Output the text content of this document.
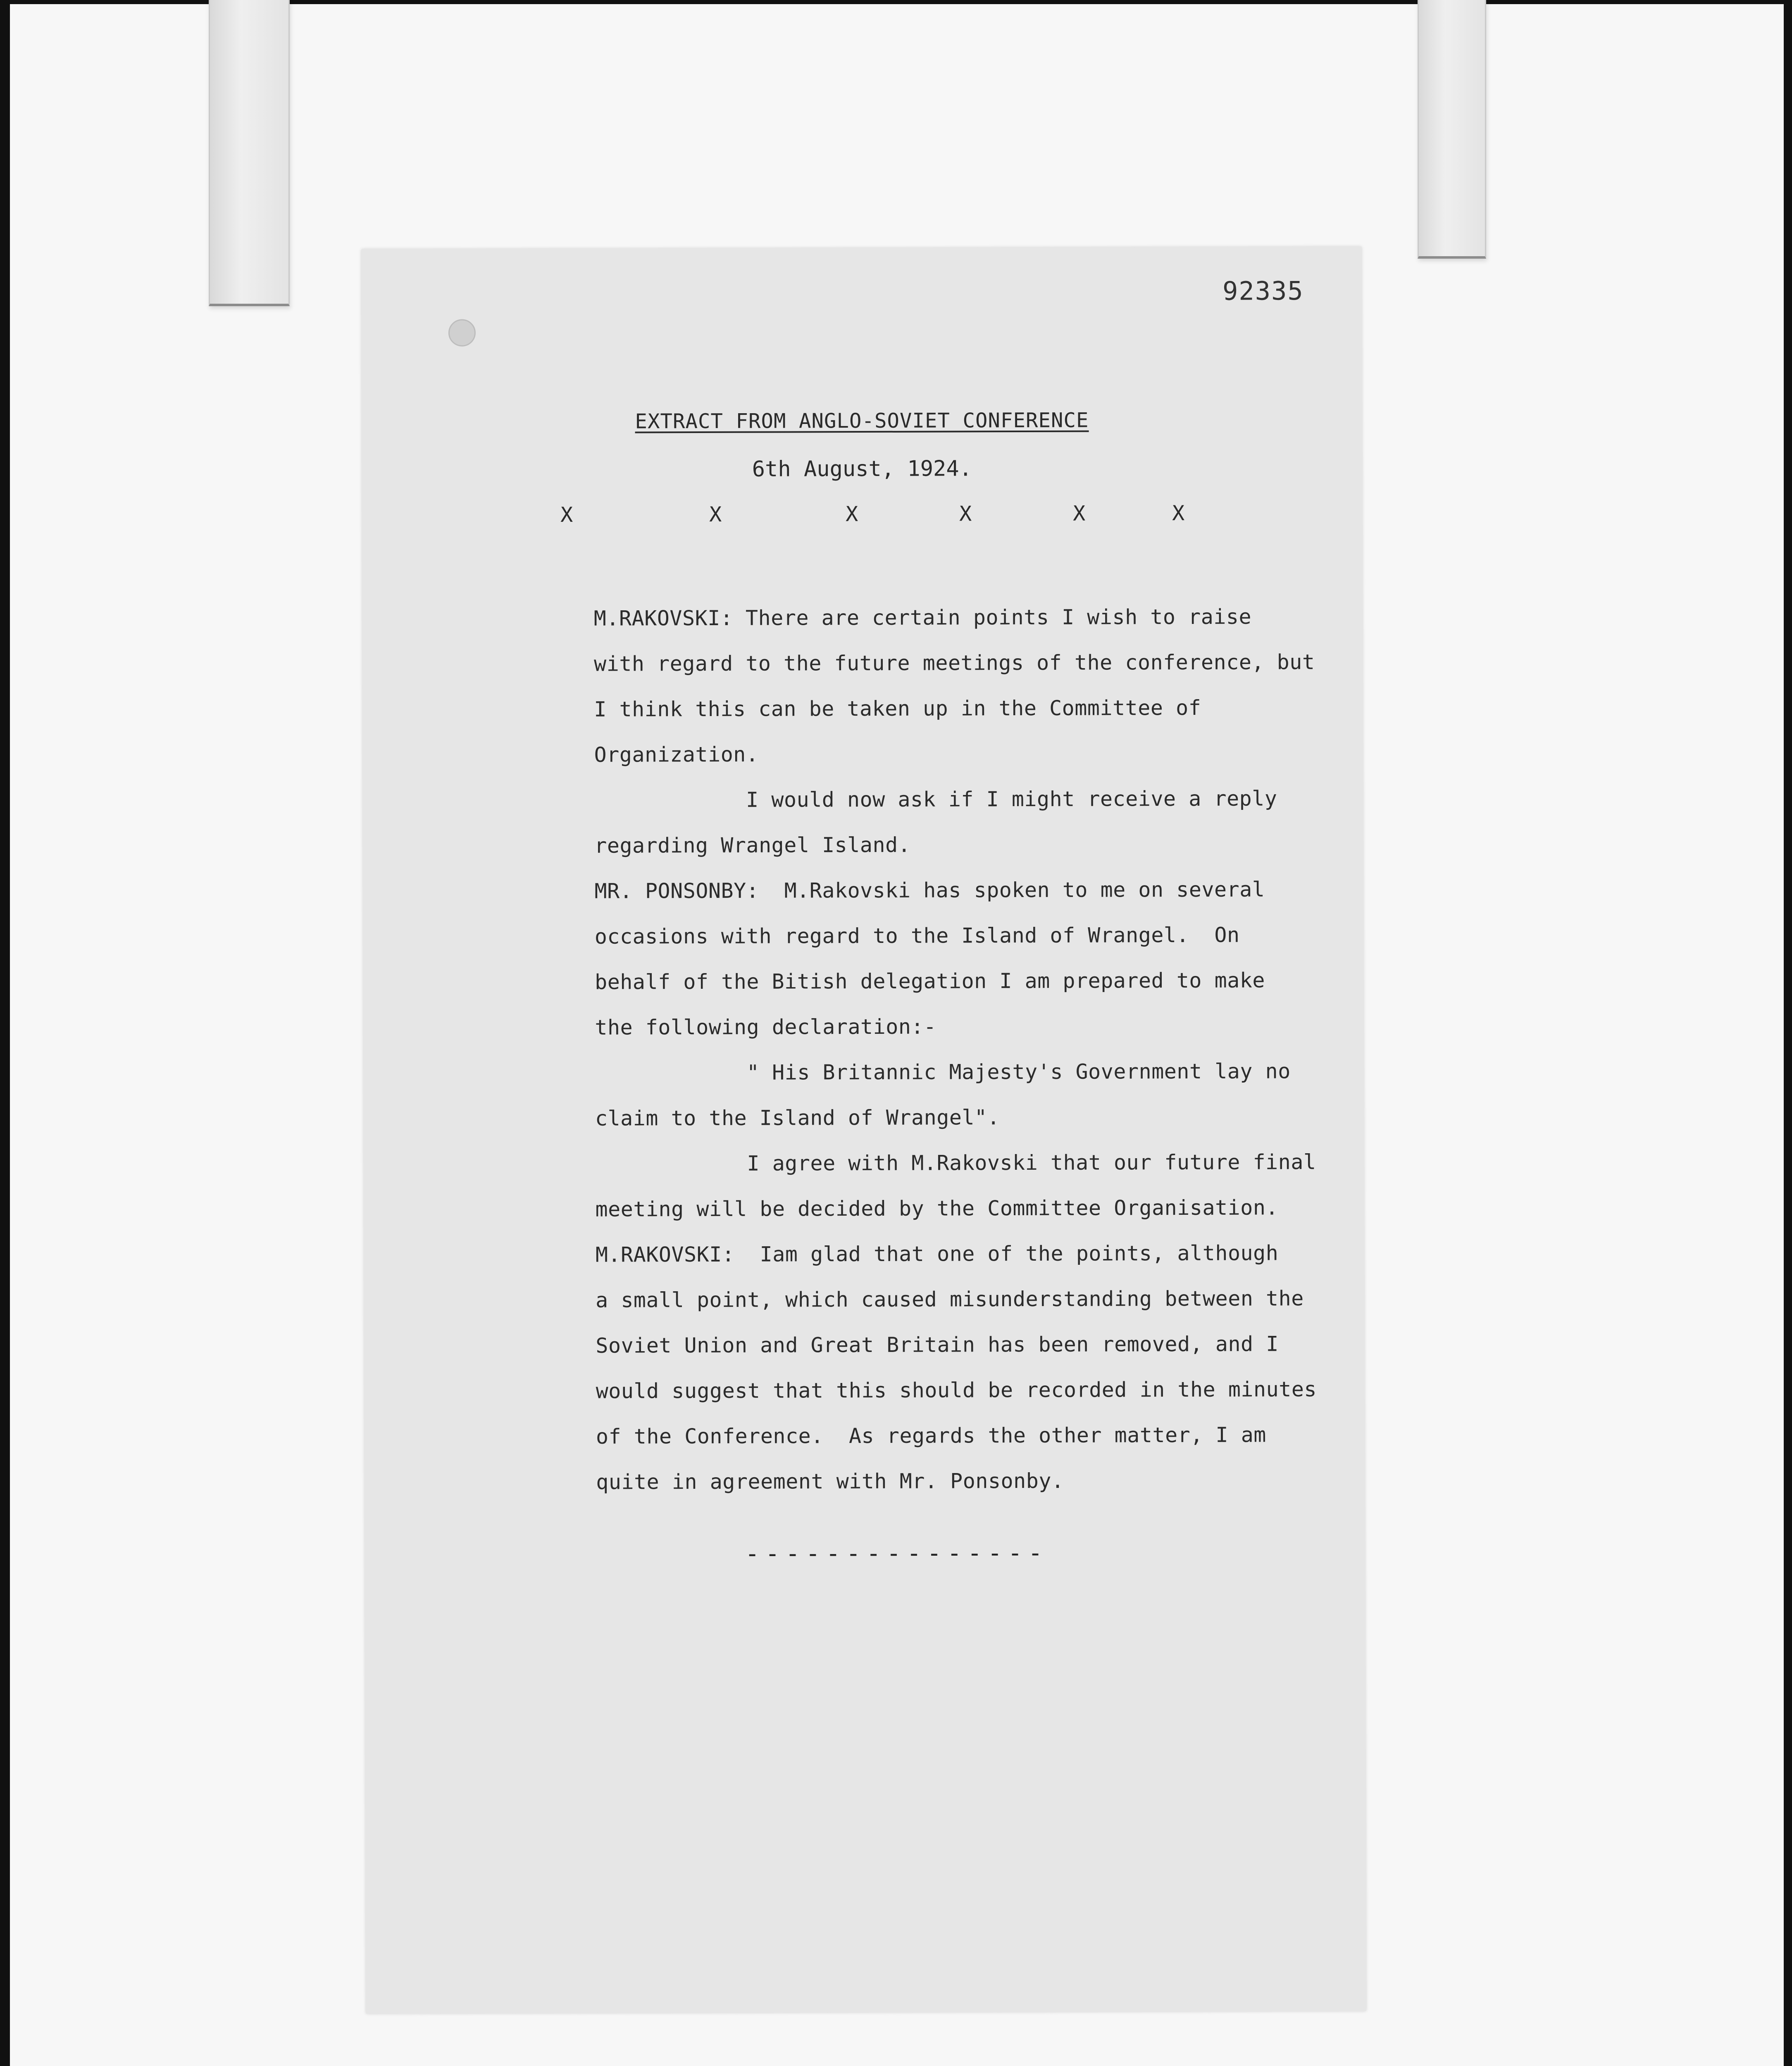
92335
EXTRACT FROM ANGLO-SOVIET CONFERENCE
6th August, 1924.
X	X	X	X	X	X
M.RAKOVSKI: There are certain points I wish to raise
with regard to the future meetings of the conference, but
I think this can be taken up in the Committee of
Organization.
I would now ask if I might receive a reply
regarding Wrangel Island.
MR. PONSONBY:  M.Rakovski has spoken to me on several
occasions with regard to the Island of Wrangel.  On
behalf of the Bitish delegation I am prepared to make
the following declaration:-
" His Britannic Majesty's Government lay no
claim to the Island of Wrangel".
I agree with M.Rakovski that our future final
meeting will be decided by the Committee Organisation.
M.RAKOVSKI:  Iam glad that one of the points, although
a small point, which caused misunderstanding between the
Soviet Union and Great Britain has been removed, and I
would suggest that this should be recorded in the minutes
of the Conference.  As regards the other matter, I am
quite in agreement with Mr. Ponsonby.
---------------
